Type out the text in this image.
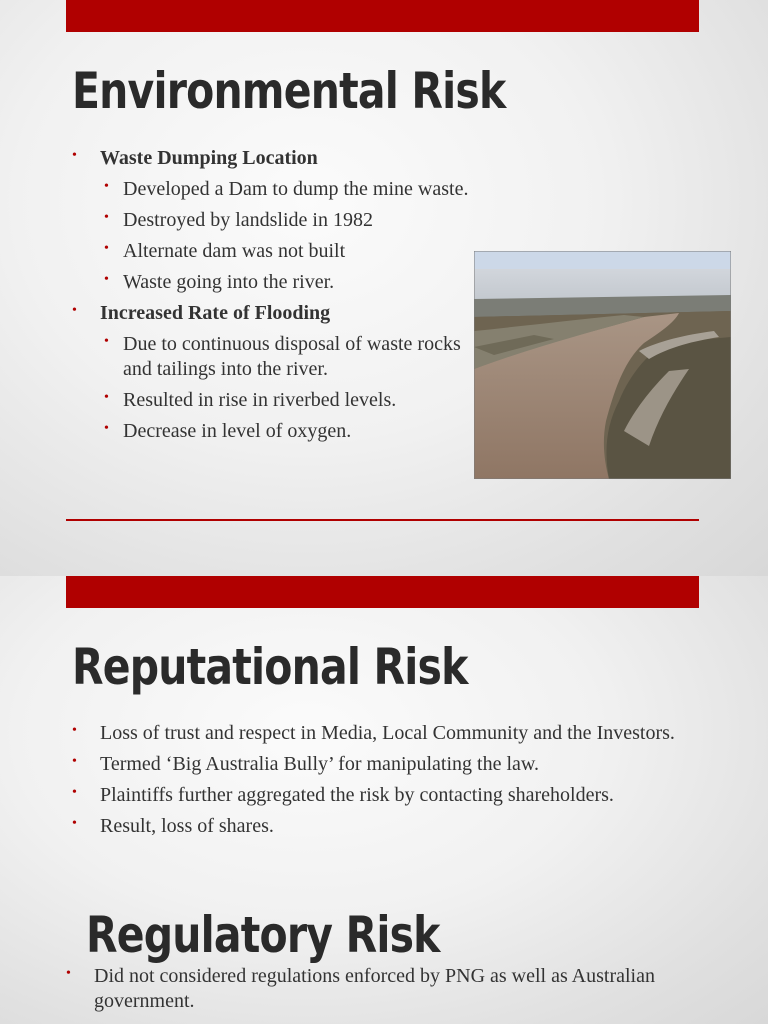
Environmental Risk
• Waste Dumping Location
• Developed a Dam to dump the mine waste.
• Destroyed by landslide in 1982
• Alternate dam was not built
• Waste going into the river.
• Increased Rate of Flooding
• Due to continuous disposal of waste rocks and tailings into the river.
• Resulted in rise in riverbed levels.
• Decrease in level of oxygen.
Reputational Risk
• Loss of trust and respect in Media, Local Community and the Investors.
• Termed ‘Big Australia Bully’ for manipulating the law.
• Plaintiffs further aggregated the risk by contacting shareholders.
• Result, loss of shares.
Regulatory Risk
• Did not considered regulations enforced by PNG as well as Australian government.
